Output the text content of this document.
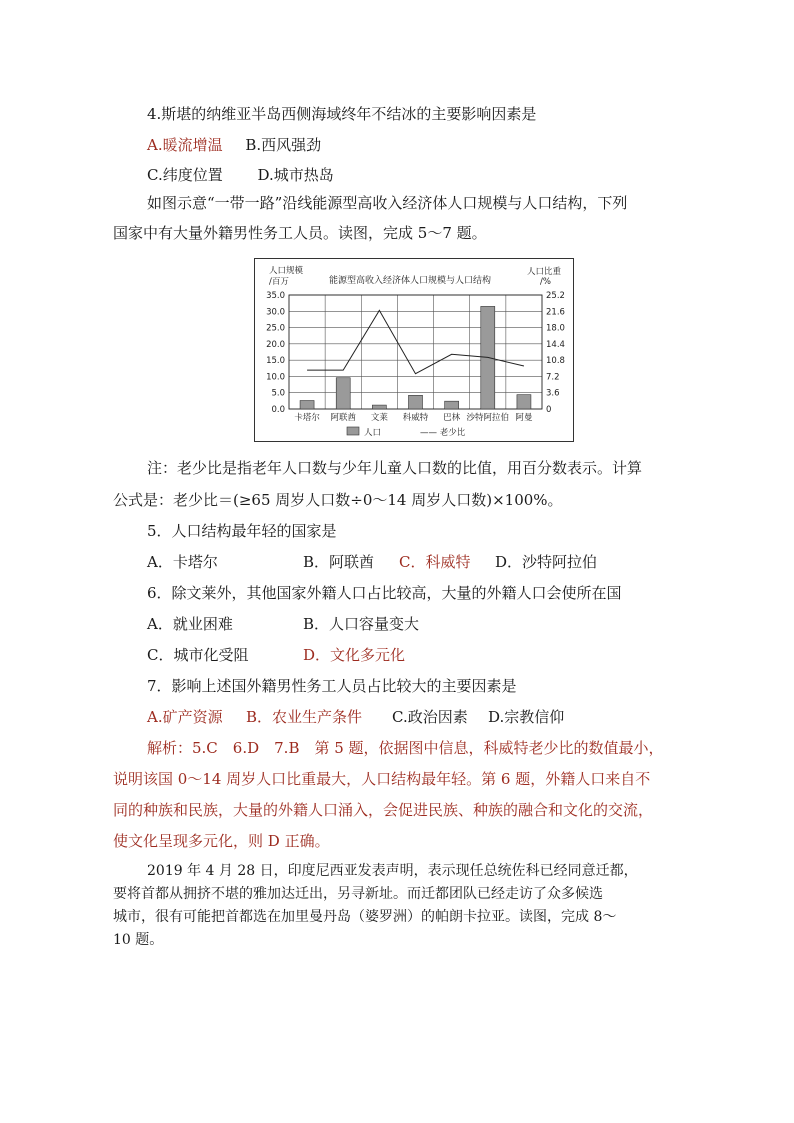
4.斯堪的纳维亚半岛西侧海域终年不结冰的主要影响因素是
A.暖流增温 B.西风强劲
C.纬度位置 D.城市热岛
如图示意“一带一路”沿线能源型高收入经济体人口规模与人口结构，下列
国家中有大量外籍男性务工人员。读图，完成 5～7 题。
人口规模
/百万	能源型高收入经济体人口规模与人口结构
人口比重
/%
35.0
30.0
25.0
20.0
15.0
10.0
5.0
0.0
25.2
21.6
18.0
14.4
10.8
7.2
3.6
0
卡塔尔 阿联酋 文莱 科威特 巴林 沙特阿拉伯 阿曼
人口	—— 老少比
注：老少比是指老年人口数与少年儿童人口数的比值，用百分数表示。计算
公式是：老少比＝(≥65 周岁人口数÷0～14 周岁人口数)×100%。
5．人口结构最年轻的国家是
A．卡塔尔	B．阿联酋 C．科威特 D．沙特阿拉伯
6．除文莱外，其他国家外籍人口占比较高，大量的外籍人口会使所在国
A．就业困难	B．人口容量变大
C．城市化受阻	D．文化多元化
7．影响上述国外籍男性务工人员占比较大的主要因素是
A.矿产资源 B．农业生产条件 C.政治因素 D.宗教信仰
解析：5.C　6.D　7.B　第 5 题，依据图中信息，科威特老少比的数值最小，
说明该国 0～14 周岁人口比重最大，人口结构最年轻。第 6 题，外籍人口来自不
同的种族和民族，大量的外籍人口涌入，会促进民族、种族的融合和文化的交流，
使文化呈现多元化，则 D 正确。
2019 年 4 月 28 日，印度尼西亚发表声明，表示现任总统佐科已经同意迁都，
要将首都从拥挤不堪的雅加达迁出，另寻新址。而迁都团队已经走访了众多候选
城市，很有可能把首都选在加里曼丹岛（婆罗洲）的帕朗卡拉亚。读图，完成 8～
10 题。
